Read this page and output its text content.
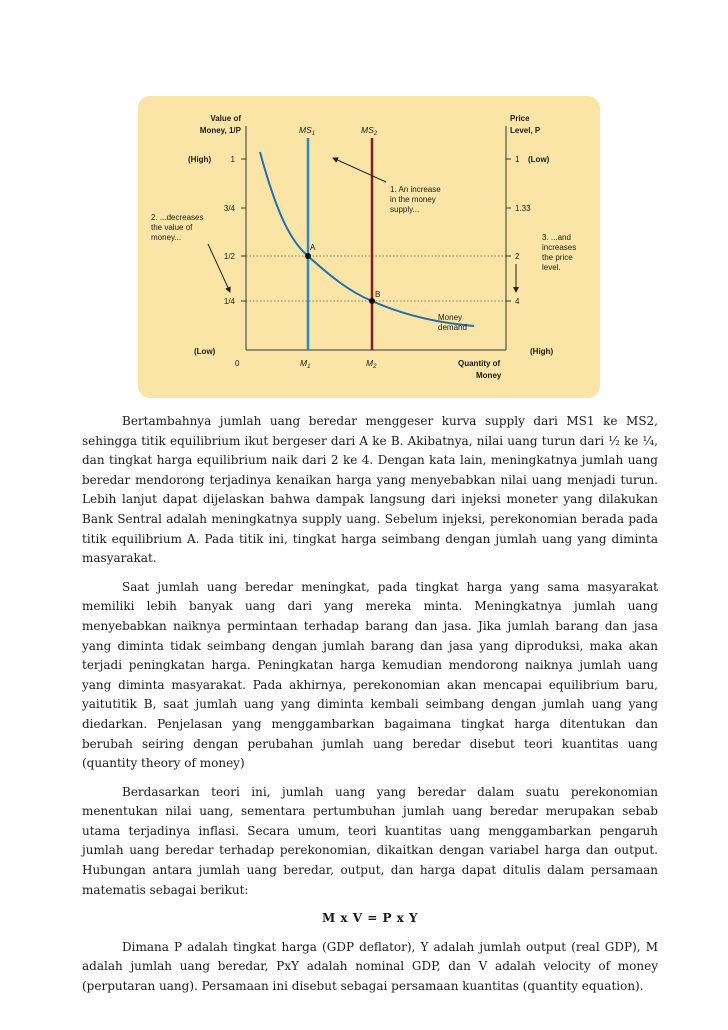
Value of
Money, 1/P
Price
Level, P
$MS_1$	$MS_2$
(High) 1
3/4
1/2
1/4
(Low)
0
1 (Low)
1.33
2
4
(High)
$M_1$	$M_2$	Quantity of
Money
A
B
1. An increase in the money supply...
2. ...decreases the value of money...	3. ...and increases the price level.
Money demand

Bertambahnya jumlah uang beredar menggeser kurva supply dari MS1 ke MS2, sehingga titik equilibrium ikut bergeser dari A ke B. Akibatnya, nilai uang turun dari ½ ke ¼, dan tingkat harga equilibrium naik dari 2 ke 4. Dengan kata lain, meningkatnya jumlah uang beredar mendorong terjadinya kenaikan harga yang menyebabkan nilai uang menjadi turun. Lebih lanjut dapat dijelaskan bahwa dampak langsung dari injeksi moneter yang dilakukan Bank Sentral adalah meningkatnya supply uang. Sebelum injeksi, perekonomian berada pada titik equilibrium A. Pada titik ini, tingkat harga seimbang dengan jumlah uang yang diminta masyarakat.

Saat jumlah uang beredar meningkat, pada tingkat harga yang sama masyarakat memiliki lebih banyak uang dari yang mereka minta. Meningkatnya jumlah uang menyebabkan naiknya permintaan terhadap barang dan jasa. Jika jumlah barang dan jasa yang diminta tidak seimbang dengan jumlah barang dan jasa yang diproduksi, maka akan terjadi peningkatan harga. Peningkatan harga kemudian mendorong naiknya jumlah uang yang diminta masyarakat. Pada akhirnya, perekonomian akan mencapai equilibrium baru, yaitutitik B, saat jumlah uang yang diminta kembali seimbang dengan jumlah uang yang diedarkan. Penjelasan yang menggambarkan bagaimana tingkat harga ditentukan dan berubah seiring dengan perubahan jumlah uang beredar disebut teori kuantitas uang (quantity theory of money)

Berdasarkan teori ini, jumlah uang yang beredar dalam suatu perekonomian menentukan nilai uang, sementara pertumbuhan jumlah uang beredar merupakan sebab utama terjadinya inflasi. Secara umum, teori kuantitas uang menggambarkan pengaruh jumlah uang beredar terhadap perekonomian, dikaitkan dengan variabel harga dan output. Hubungan antara jumlah uang beredar, output, dan harga dapat ditulis dalam persamaan matematis sebagai berikut:

M x V = P x Y

Dimana P adalah tingkat harga (GDP deflator), Y adalah jumlah output (real GDP), M adalah jumlah uang beredar, PxY adalah nominal GDP, dan V adalah velocity of money (perputaran uang). Persamaan ini disebut sebagai persamaan kuantitas (quantity equation).
